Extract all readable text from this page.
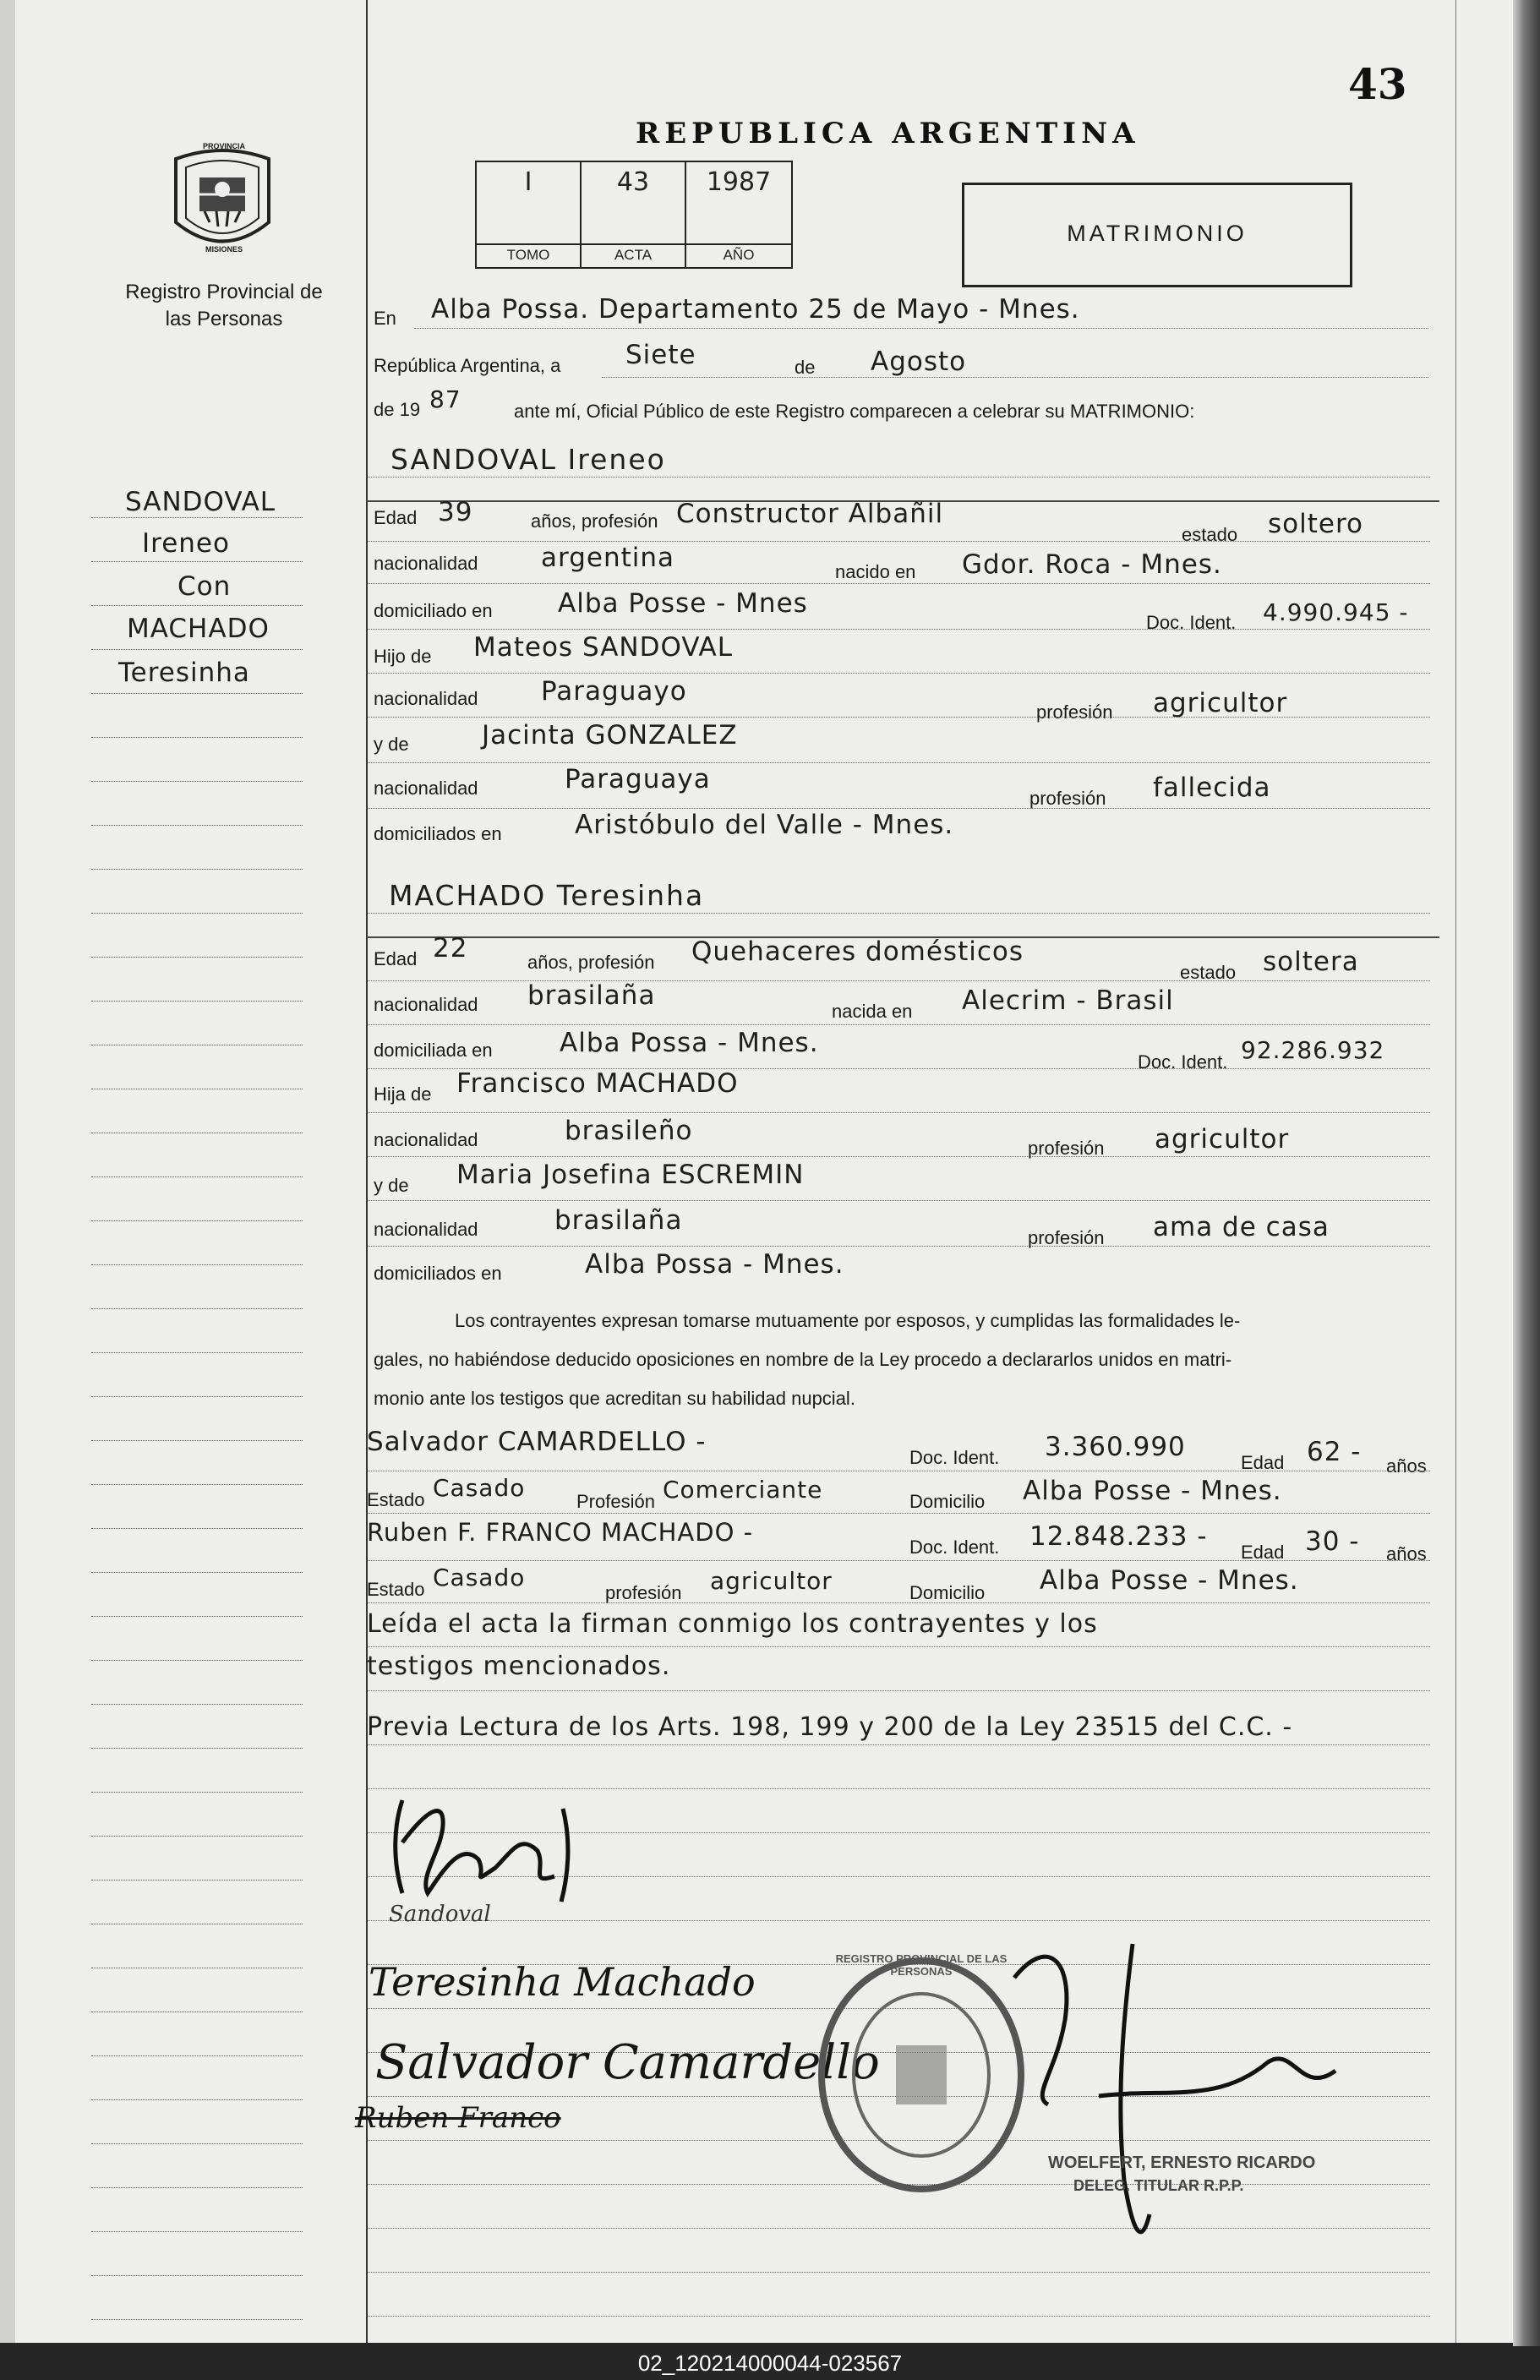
PROVINCIA
MISIONES
Registro Provincial de las Personas
SANDOVAL
Ireneo
Con
MACHADO
Teresinha
43
REPUBLICA ARGENTINA
I
TOMO
43
ACTA
1987
AÑO
MATRIMONIO
En Alba Possa. Departamento 25 de Mayo - Mnes.
República Argentina, a Siete	de Agosto
de 19 87	ante mí, Oficial Público de este Registro comparecen a celebrar su MATRIMONIO:
SANDOVAL Ireneo
Edad 39	años, profesión Constructor Albañil
estado soltero
nacionalidad argentina	nacido en Gdor. Roca - Mnes.
domiciliado en Alba Posse - Mnes
Doc. Ident. 4.990.945 -
Hijo de Mateos SANDOVAL
nacionalidad Paraguayo
profesión agricultor
y de	Jacinta GONZALEZ
nacionalidad	Paraguaya
profesión fallecida
domiciliados en	Aristóbulo del Valle - Mnes.
MACHADO Teresinha
Edad 22	años, profesión Quehaceres domésticos
estado soltera
nacionalidad brasilaña
nacida en Alecrim - Brasil
domiciliada en	Alba Possa - Mnes.
Doc. Ident. 92.286.932
Hija de Francisco MACHADO
nacionalidad	brasileño
profesión agricultor
y de Maria Josefina ESCREMIN
nacionalidad	brasilaña
profesión ama de casa
domiciliados en	Alba Possa - Mnes.
Los contrayentes expresan tomarse mutuamente por esposos, y cumplidas las formalidades le-
gales, no habiéndose deducido oposiciones en nombre de la Ley procedo a declararlos unidos en matri-
monio ante los testigos que acreditan su habilidad nupcial.
Salvador CAMARDELLO -
Doc. Ident. 3.360.990
Edad 62 - años
Estado Casado	Profesión Comerciante	Domicilio Alba Posse - Mnes.
Ruben F. FRANCO MACHADO -
Doc. Ident. 12.848.233 -
Edad 30 - años
Estado Casado
profesión agricultor	Domicilio Alba Posse - Mnes.
Leída el acta la firman conmigo los contrayentes y los
testigos mencionados.
Previa Lectura de los Arts. 198, 199 y 200 de la Ley 23515 del C.C. -
Sandoval
Teresinha Machado
Salvador Camardello
Ruben Franco
REGISTRO PROVINCIAL DE LAS PERSONAS
WOELFERT, ERNESTO RICARDO
DELEG. TITULAR R.P.P.
02_120214000044-023567
